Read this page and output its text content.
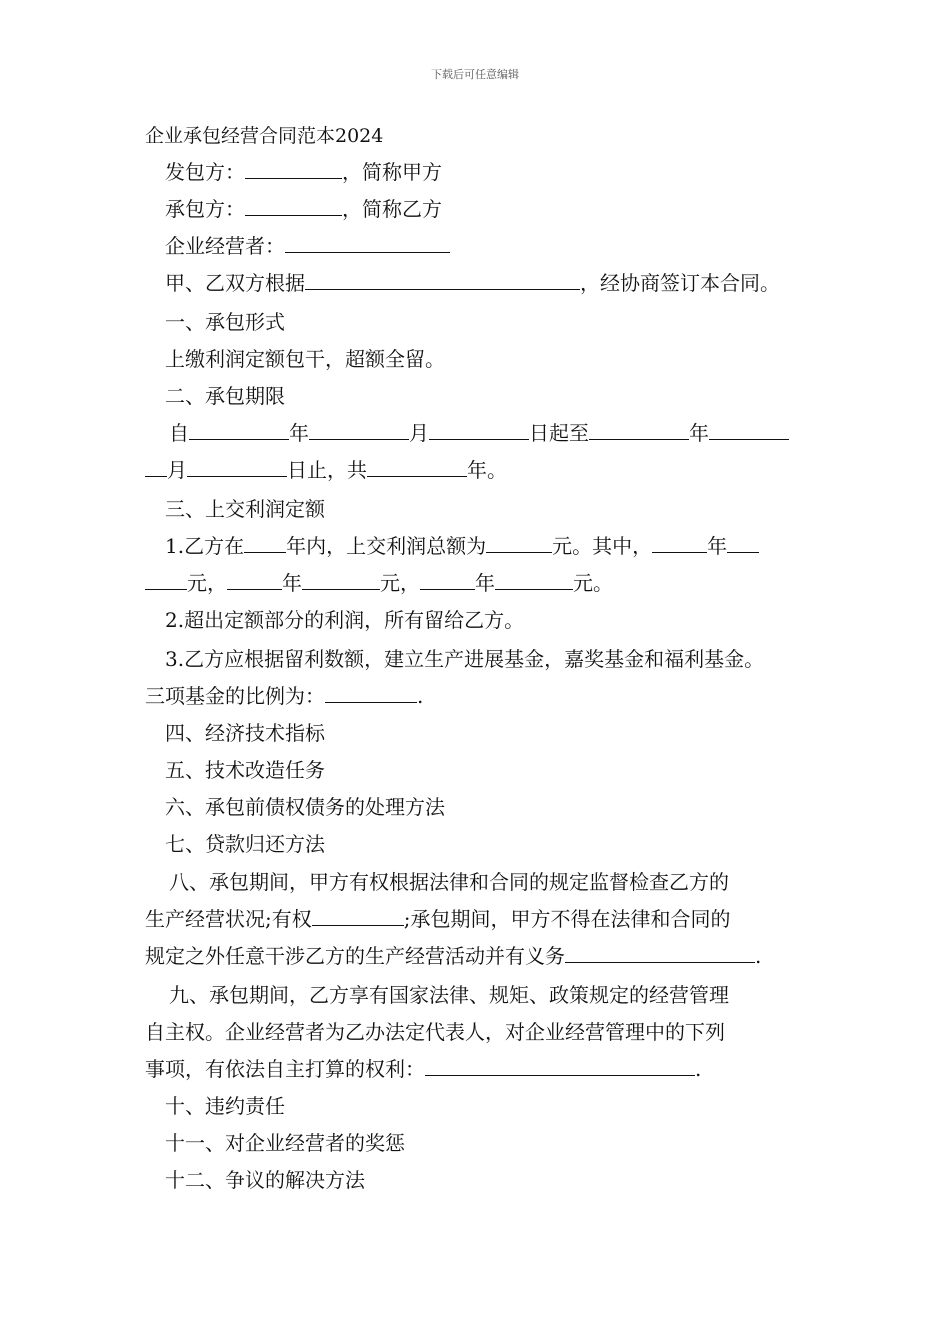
下载后可任意编辑
企业承包经营合同范本2024
发包方：	，简称甲方
承包方：	，简称乙方
企业经营者：
甲、乙双方根据	，经协商签订本合同。
一、承包形式
上缴利润定额包干，超额全留。
二、承包期限
自	年	月	日起至	年
月	日止，共	年。
三、上交利润定额
1.乙方在 年内，上交利润总额为	元。其中，	年
元，	年	元，	年	元。
2.超出定额部分的利润，所有留给乙方。
3.乙方应根据留利数额，建立生产进展基金，嘉奖基金和福利基金。
三项基金的比例为：	.
四、经济技术指标
五、技术改造任务
六、承包前债权债务的处理方法
七、贷款归还方法
八、承包期间，甲方有权根据法律和合同的规定监督检查乙方的
生产经营状况;有权	;承包期间，甲方不得在法律和合同的
规定之外任意干涉乙方的生产经营活动并有义务	.
九、承包期间，乙方享有国家法律、规矩、政策规定的经营管理
自主权。企业经营者为乙办法定代表人，对企业经营管理中的下列
事项，有依法自主打算的权利：	.
十、违约责任
十一、对企业经营者的奖惩
十二、争议的解决方法
